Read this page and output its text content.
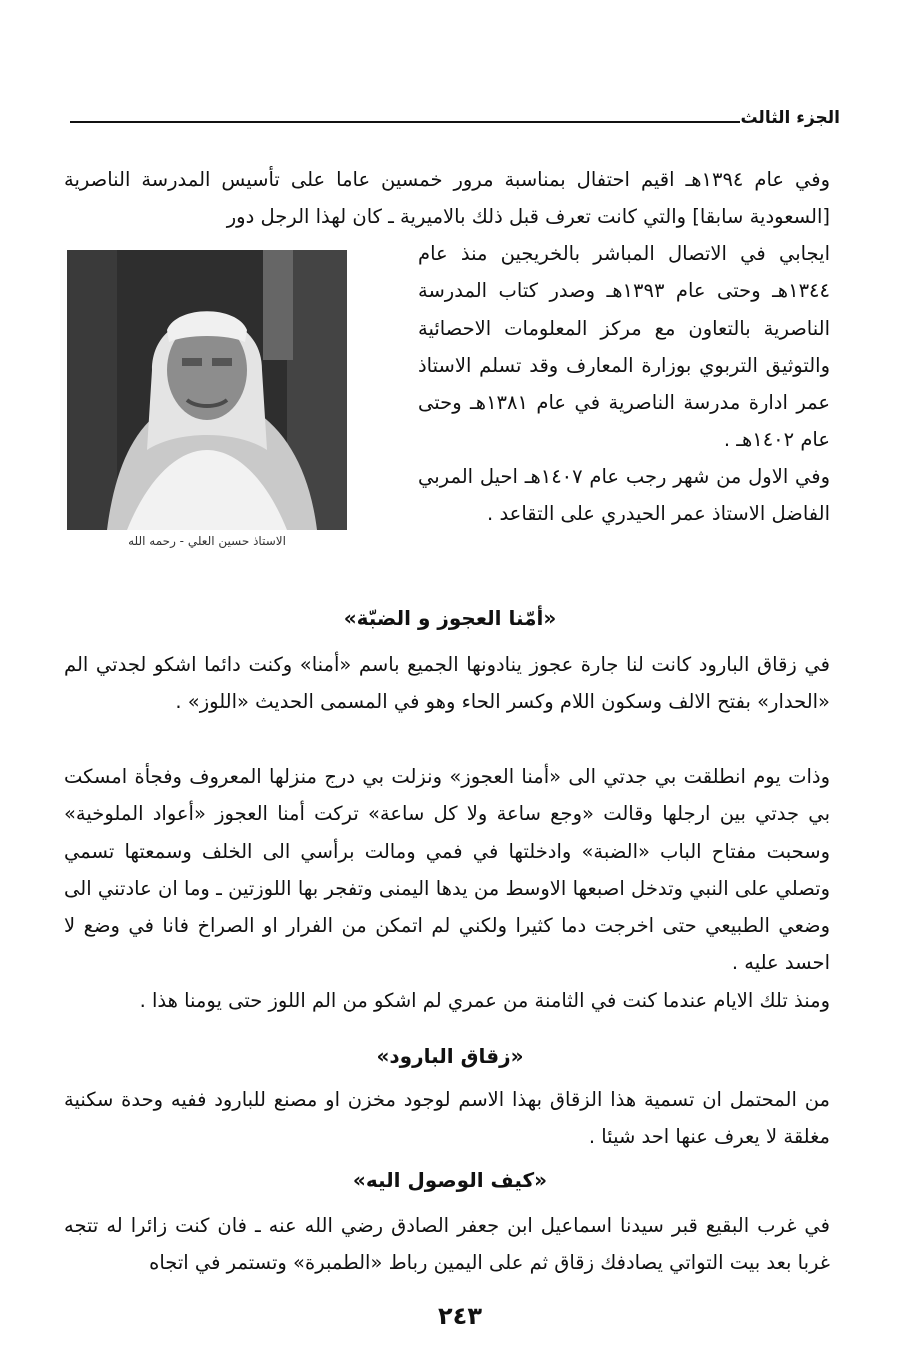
الجزء الثالث

وفي عام ١٣٩٤هـ اقيم احتفال بمناسبة مرور خمسين عاما على تأسيس المدرسة الناصرية [السعودية سابقا] والتي كانت تعرف قبل ذلك بالاميرية ـ كان لهذا الرجل دور

ايجابي في الاتصال المباشر بالخريجين منذ عام ١٣٤٤هـ وحتى عام ١٣٩٣هـ وصدر كتاب المدرسة الناصرية بالتعاون مع مركز المعلومات الاحصائية والتوثيق التربوي بوزارة المعارف وقد تسلم الاستاذ عمر ادارة مدرسة الناصرية في عام ١٣٨١هـ وحتى عام ١٤٠٢هـ .

وفي الاول من شهر رجب عام ١٤٠٧هـ احيل المربي الفاضل الاستاذ عمر الحيدري على التقاعد .

الاستاذ حسين العلي - رحمه الله
«أمّنا العجوز و الضبّة»

في زقاق البارود كانت لنا جارة عجوز ينادونها الجميع باسم «أمنا» وكنت دائما اشكو لجدتي الم «الحدار» بفتح الالف وسكون اللام وكسر الحاء وهو في المسمى الحديث «اللوز» .

وذات يوم انطلقت بي جدتي الى «أمنا العجوز» ونزلت بي درج منزلها المعروف وفجأة امسكت بي جدتي بين ارجلها وقالت «وجع ساعة ولا كل ساعة» تركت أمنا العجوز «أعواد الملوخية» وسحبت مفتاح الباب «الضبة» وادخلتها في فمي ومالت برأسي الى الخلف وسمعتها تسمي وتصلي على النبي وتدخل اصبعها الاوسط من يدها اليمنى وتفجر بها اللوزتين ـ وما ان عادتني الى وضعي الطبيعي حتى اخرجت دما كثيرا ولكني لم اتمكن من الفرار او الصراخ فانا في وضع لا احسد عليه .

ومنذ تلك الايام عندما كنت في الثامنة من عمري لم اشكو من الم اللوز حتى يومنا هذا .

«زقاق البارود»

من المحتمل ان تسمية هذا الزقاق بهذا الاسم لوجود مخزن او مصنع للبارود ففيه وحدة سكنية مغلقة لا يعرف عنها احد شيئا .

«كيف الوصول اليه»

في غرب البقيع قبر سيدنا اسماعيل ابن جعفر الصادق رضي الله عنه ـ فان كنت زائرا له تتجه غربا بعد بيت التواتي يصادفك زقاق ثم على اليمين رباط «الطمبرة» وتستمر في اتجاه

٢٤٣
